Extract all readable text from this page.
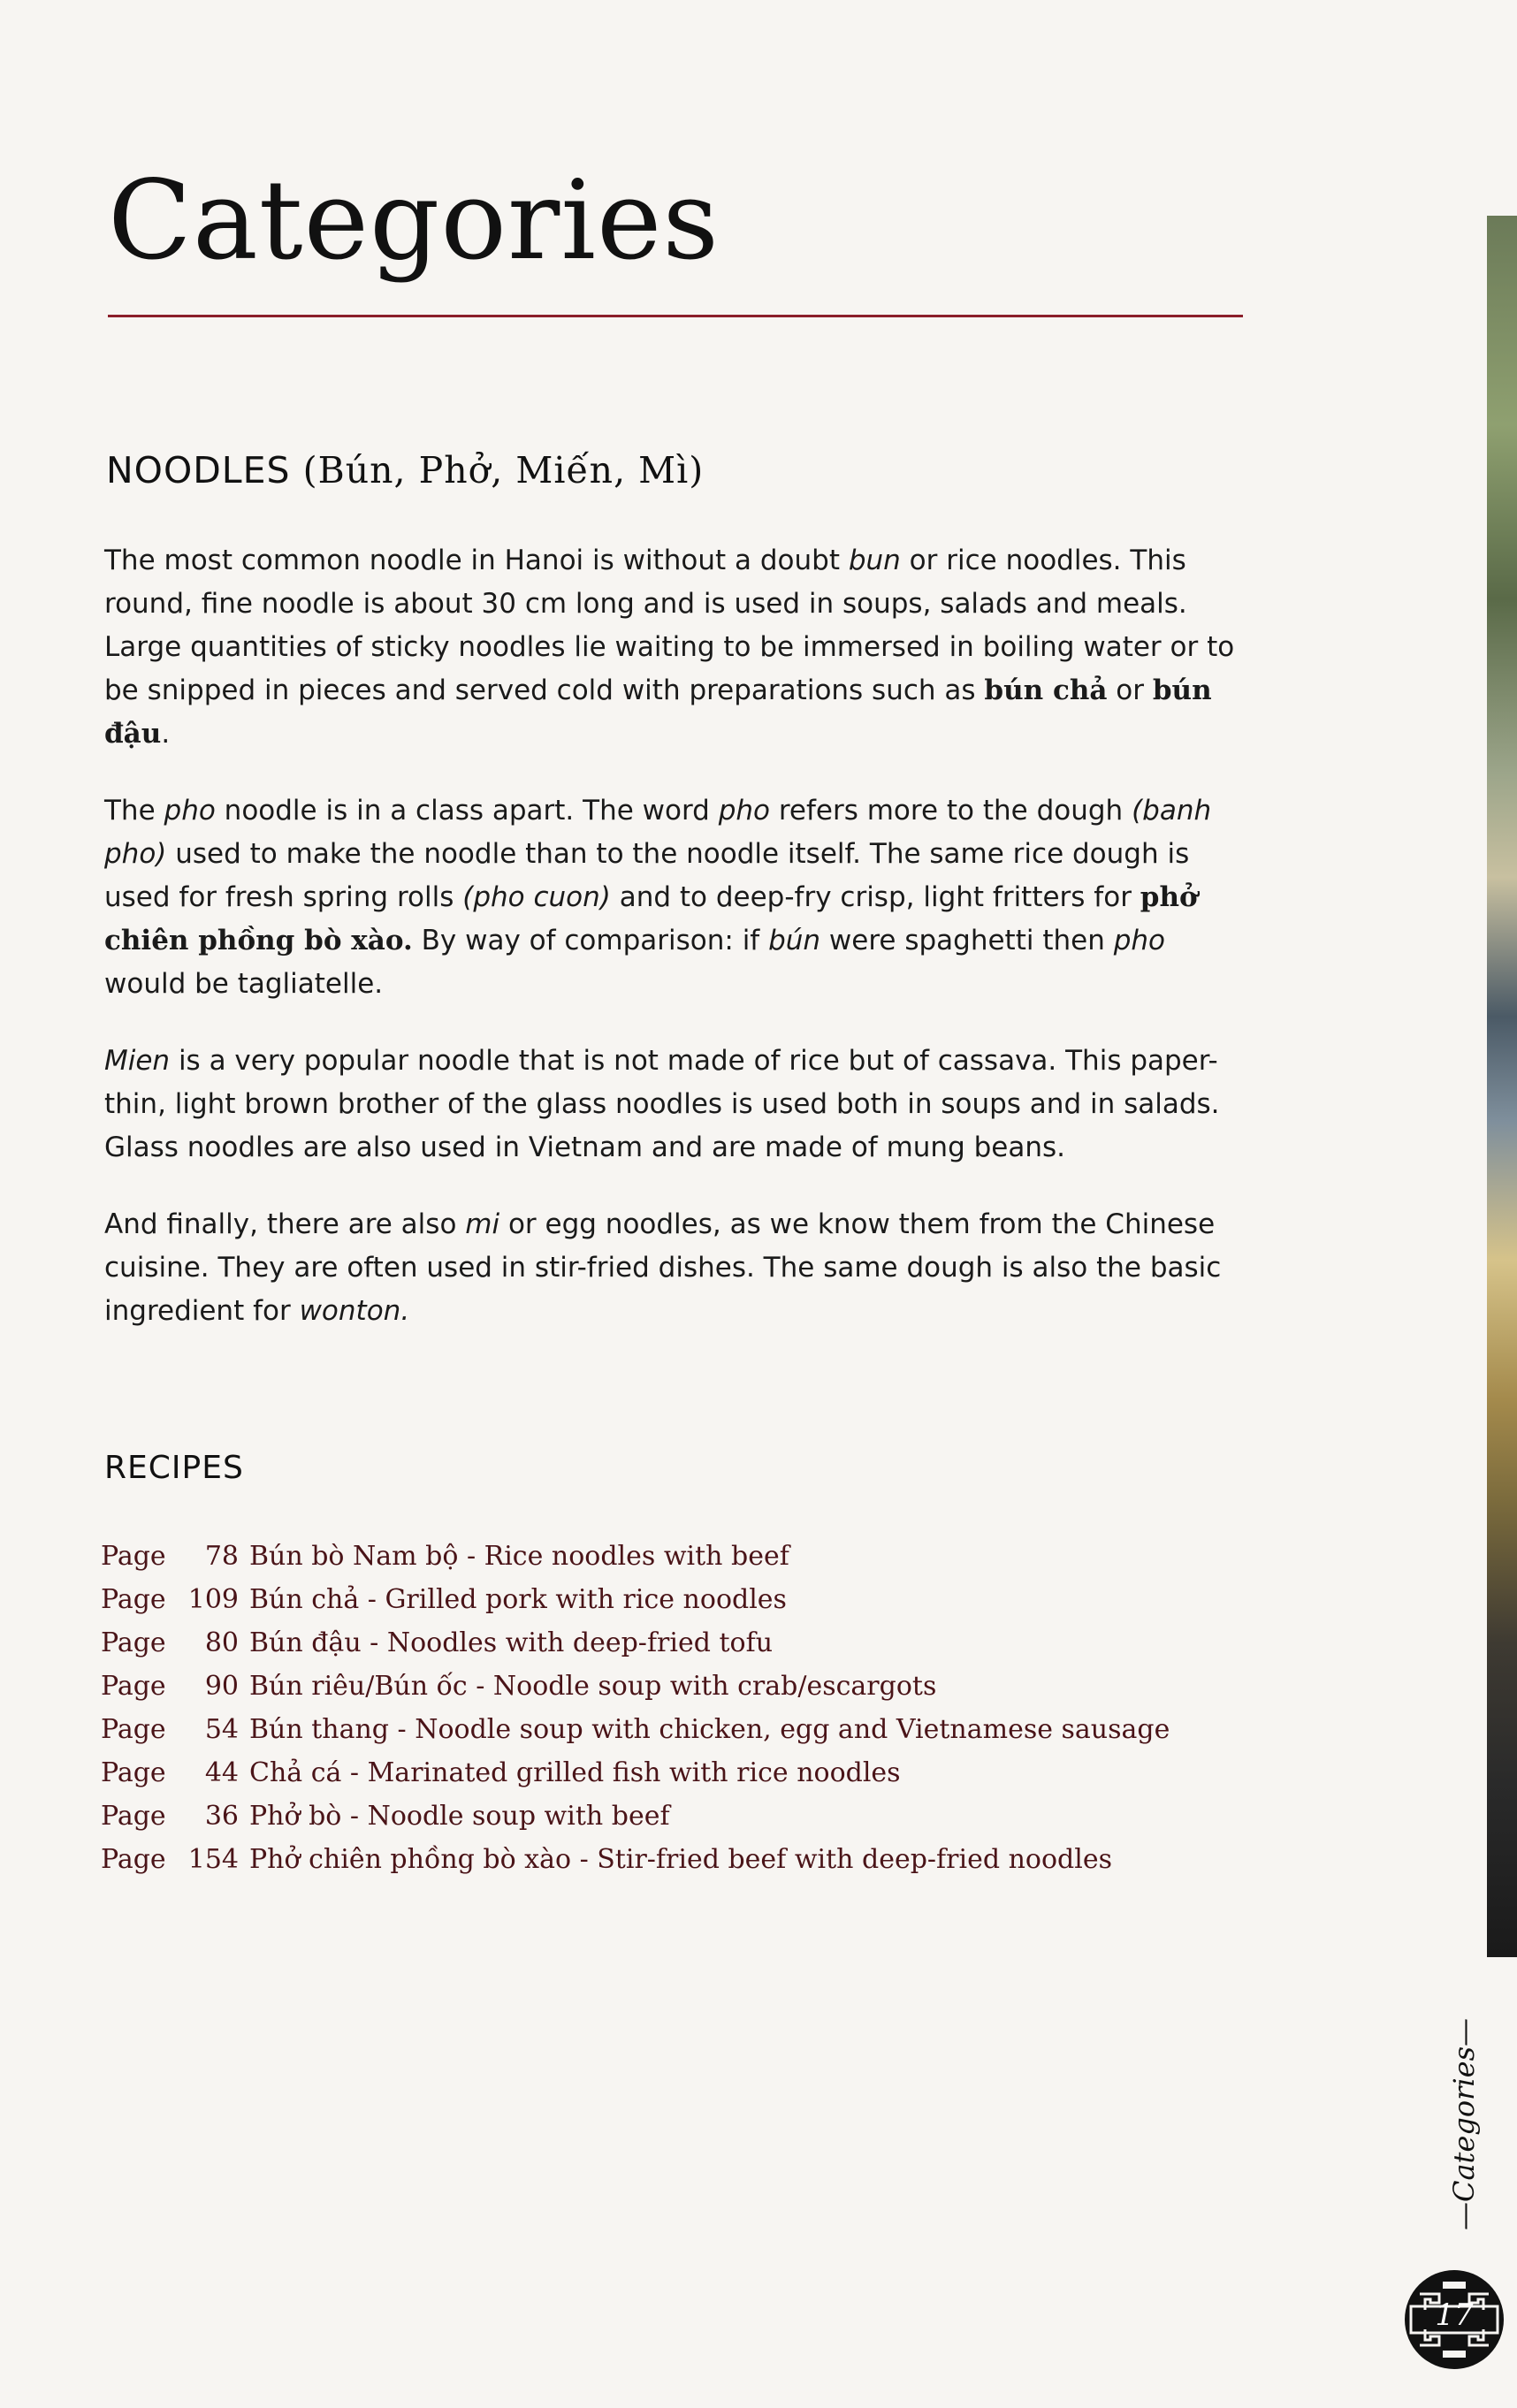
Categories
NOODLES (Bún, Phở, Miến, Mì)

The most common noodle in Hanoi is without a doubt bun or rice noodles. This round, fine noodle is about 30 cm long and is used in soups, salads and meals. Large quantities of sticky noodles lie waiting to be immersed in boiling water or to be snipped in pieces and served cold with preparations such as bún chả or bún đậu.

The pho noodle is in a class apart. The word pho refers more to the dough (banh pho) used to make the noodle than to the noodle itself. The same rice dough is used for fresh spring rolls (pho cuon) and to deep-fry crisp, light fritters for phở chiên phồng bò xào. By way of comparison: if bún were spaghetti then pho would be tagliatelle.

Mien is a very popular noodle that is not made of rice but of cassava. This paper-thin, light brown brother of the glass noodles is used both in soups and in salads. Glass noodles are also used in Vietnam and are made of mung beans.

And finally, there are also mi or egg noodles, as we know them from the Chinese cuisine. They are often used in stir-fried dishes. The same dough is also the basic ingredient for wonton.

RECIPES
Page	78 Bún bò Nam bộ - Rice noodles with beef
Page 109 Bún chả - Grilled pork with rice noodles
Page	80 Bún đậu - Noodles with deep-fried tofu
Page	90 Bún riêu/Bún ốc - Noodle soup with crab/escargots
Page	54 Bún thang - Noodle soup with chicken, egg and Vietnamese sausage
Page	44 Chả cá - Marinated grilled fish with rice noodles
Page	36 Phở bò - Noodle soup with beef
Page 154 Phở chiên phồng bò xào - Stir-fried beef with deep-fried noodles
—Categories—
17
